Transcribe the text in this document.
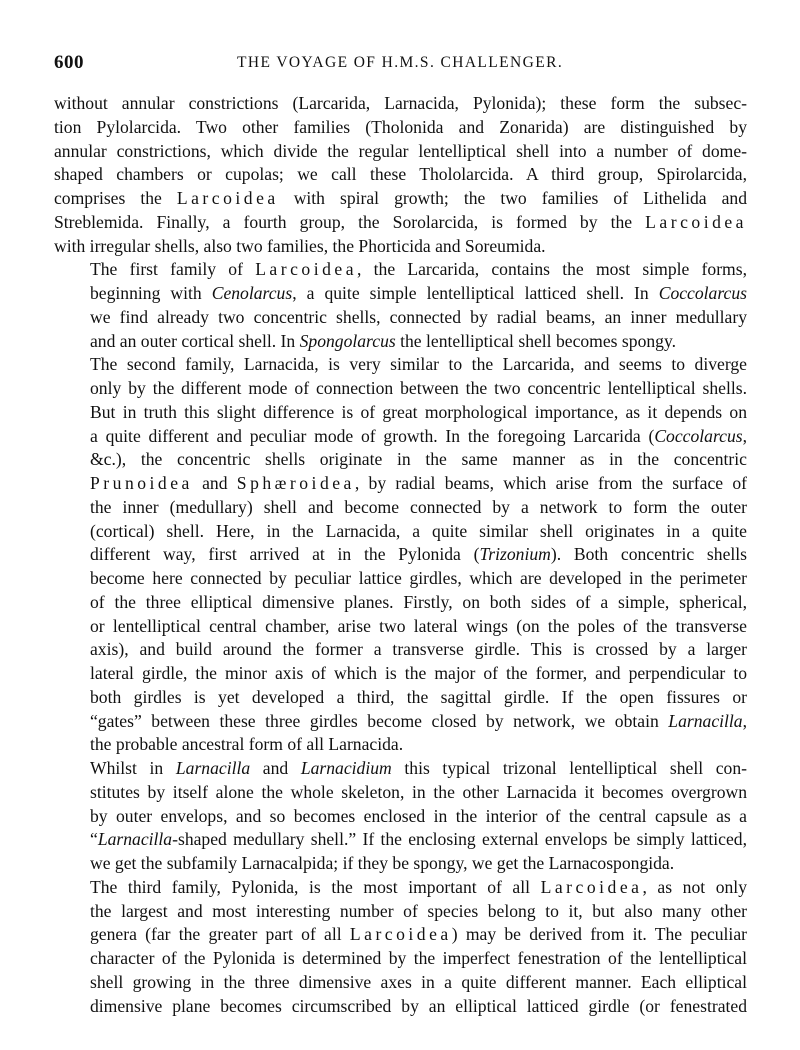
600	THE VOYAGE OF H.M.S. CHALLENGER.

without annular constrictions (Larcarida, Larnacida, Pylonida); these form the subsec-
tion Pylolarcida. Two other families (Tholonida and Zonarida) are distinguished by
annular constrictions, which divide the regular lentelliptical shell into a number of dome-
shaped chambers or cupolas; we call these Thololarcida. A third group, Spirolarcida,
comprises the Larcoidea with spiral growth; the two families of Lithelida and
Streblemida. Finally, a fourth group, the Sorolarcida, is formed by the Larcoidea
with irregular shells, also two families, the Phorticida and Soreumida.

The first family of Larcoidea, the Larcarida, contains the most simple forms,
beginning with Cenolarcus, a quite simple lentelliptical latticed shell. In Coccolarcus
we find already two concentric shells, connected by radial beams, an inner medullary
and an outer cortical shell. In Spongolarcus the lentelliptical shell becomes spongy.

The second family, Larnacida, is very similar to the Larcarida, and seems to diverge
only by the different mode of connection between the two concentric lentelliptical shells.
But in truth this slight difference is of great morphological importance, as it depends on
a quite different and peculiar mode of growth. In the foregoing Larcarida (Coccolarcus,
&c.), the concentric shells originate in the same manner as in the concentric
Prunoidea and Sphæroidea, by radial beams, which arise from the surface of
the inner (medullary) shell and become connected by a network to form the outer
(cortical) shell. Here, in the Larnacida, a quite similar shell originates in a quite
different way, first arrived at in the Pylonida (Trizonium). Both concentric shells
become here connected by peculiar lattice girdles, which are developed in the perimeter
of the three elliptical dimensive planes. Firstly, on both sides of a simple, spherical,
or lentelliptical central chamber, arise two lateral wings (on the poles of the transverse
axis), and build around the former a transverse girdle. This is crossed by a larger
lateral girdle, the minor axis of which is the major of the former, and perpendicular to
both girdles is yet developed a third, the sagittal girdle. If the open fissures or
“gates” between these three girdles become closed by network, we obtain Larnacilla,
the probable ancestral form of all Larnacida.

Whilst in Larnacilla and Larnacidium this typical trizonal lentelliptical shell con-
stitutes by itself alone the whole skeleton, in the other Larnacida it becomes overgrown
by outer envelops, and so becomes enclosed in the interior of the central capsule as a
“Larnacilla-shaped medullary shell.” If the enclosing external envelops be simply latticed,
we get the subfamily Larnacalpida; if they be spongy, we get the Larnacospongida.

The third family, Pylonida, is the most important of all Larcoidea, as not only
the largest and most interesting number of species belong to it, but also many other
genera (far the greater part of all Larcoidea) may be derived from it. The peculiar
character of the Pylonida is determined by the imperfect fenestration of the lentelliptical
shell growing in the three dimensive axes in a quite different manner. Each elliptical
dimensive plane becomes circumscribed by an elliptical latticed girdle (or fenestrated
